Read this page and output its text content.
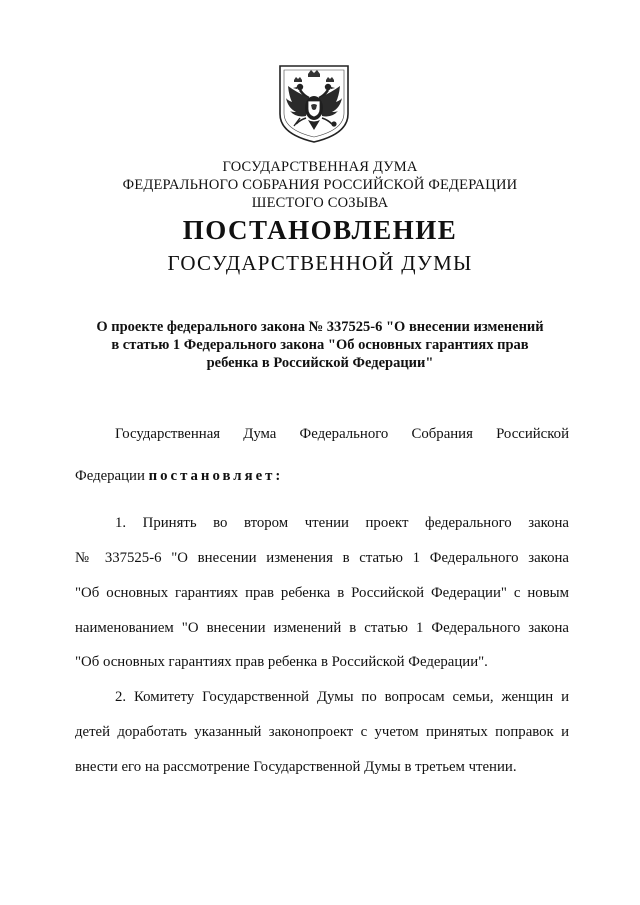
ГОСУДАРСТВЕННАЯ ДУМА
ФЕДЕРАЛЬНОГО СОБРАНИЯ РОССИЙСКОЙ ФЕДЕРАЦИИ
ШЕСТОГО СОЗЫВА
ПОСТАНОВЛЕНИЕ
ГОСУДАРСТВЕННОЙ ДУМЫ
О проекте федерального закона № 337525-6 "О внесении изменений
в статью 1 Федерального закона "Об основных гарантиях прав
ребенка в Российской Федерации"
Государственная Дума Федерального Собрания Российской
Федерации постановляет:
1. Принять во втором чтении проект федерального закона
№ 337525-6 "О внесении изменения в статью 1 Федерального закона
"Об основных гарантиях прав ребенка в Российской Федерации" с новым
наименованием "О внесении изменений в статью 1 Федерального закона
"Об основных гарантиях прав ребенка в Российской Федерации".
2. Комитету Государственной Думы по вопросам семьи, женщин и
детей доработать указанный законопроект с учетом принятых поправок и
внести его на рассмотрение Государственной Думы в третьем чтении.
